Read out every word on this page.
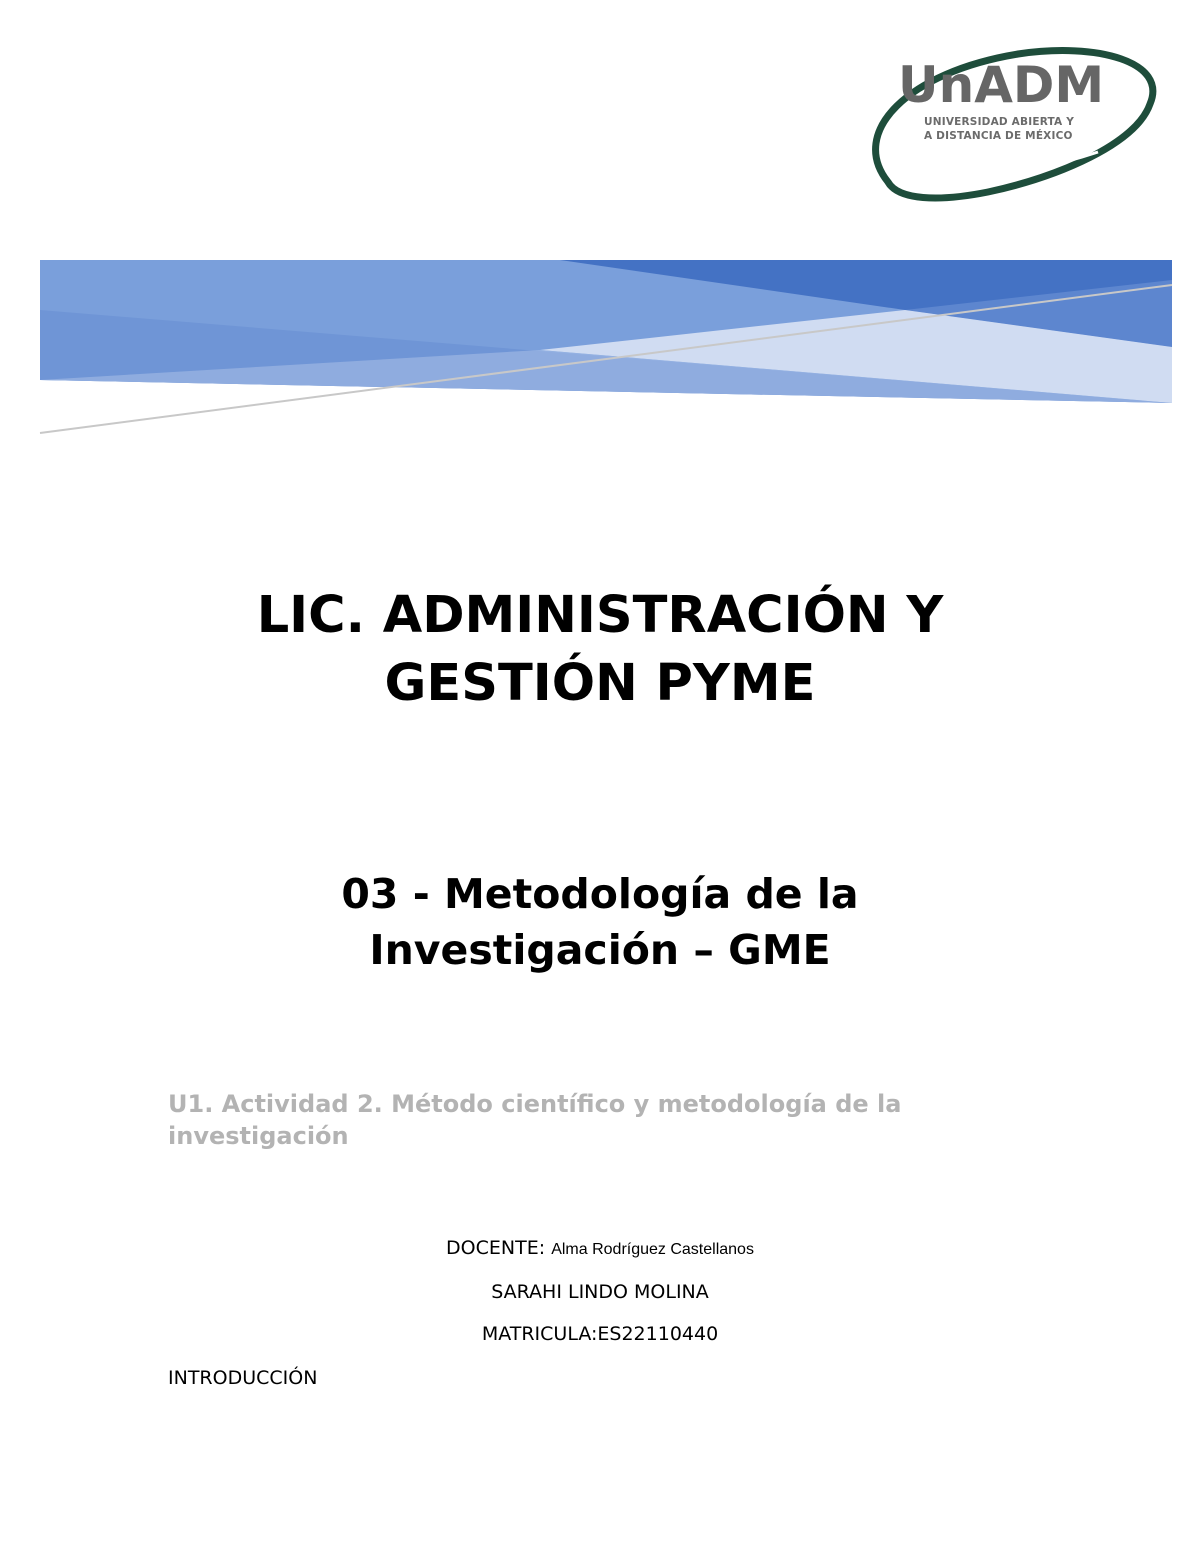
UnADM
UNIVERSIDAD ABIERTA Y
A DISTANCIA DE MÉXICO
LIC. ADMINISTRACIÓN Y
GESTIÓN PYME
03 - Metodología de la
Investigación – GME
U1. Actividad 2. Método científico y metodología de la
investigación
DOCENTE: Alma Rodríguez Castellanos
SARAHI LINDO MOLINA
MATRICULA:ES22110440
INTRODUCCIÓN
